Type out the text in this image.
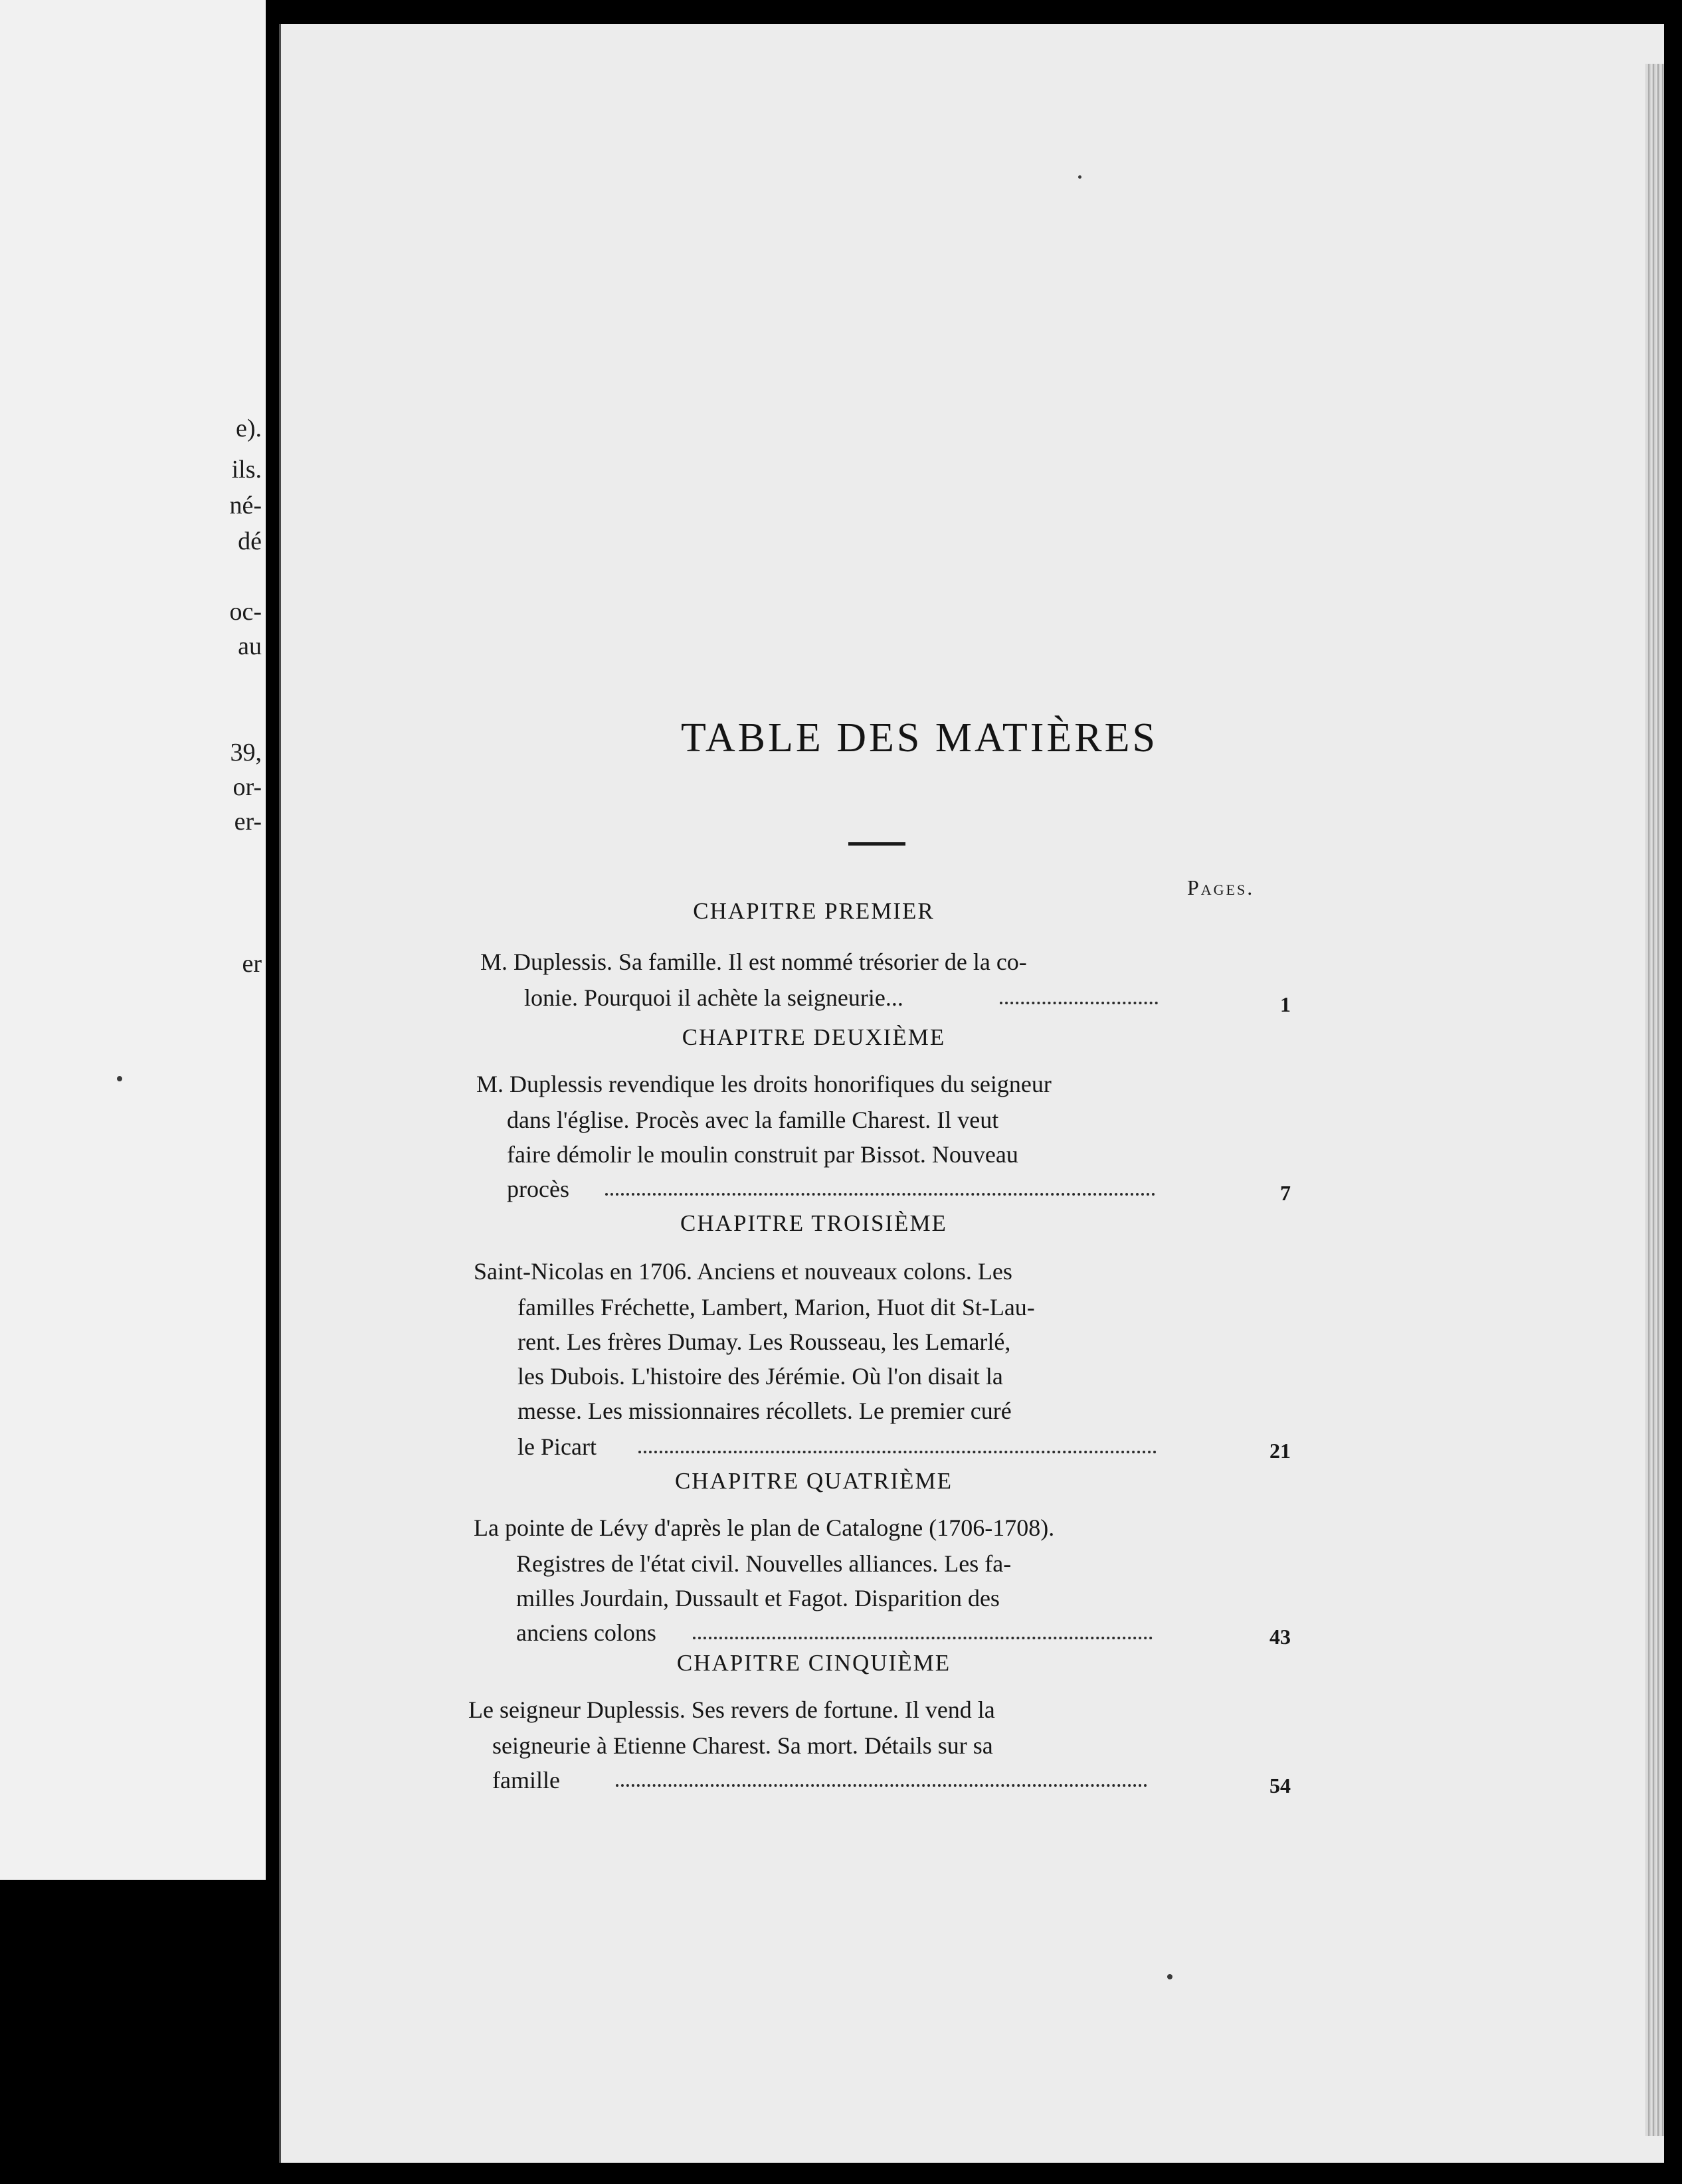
e).
ils.
né-
dé
oc-
au
39,
or-
er-
er
TABLE DES MATIÈRES
Pages.
CHAPITRE PREMIER
M. Duplessis. Sa famille. Il est nommé trésorier de la co-
lonie. Pourquoi il achète la seigneurie...	1
CHAPITRE DEUXIÈME
M. Duplessis revendique les droits honorifiques du seigneur
dans l'église. Procès avec la famille Charest. Il veut
faire démolir le moulin construit par Bissot. Nouveau
procès	7
CHAPITRE TROISIÈME
Saint-Nicolas en 1706. Anciens et nouveaux colons. Les
familles Fréchette, Lambert, Marion, Huot dit St-Lau-
rent. Les frères Dumay. Les Rousseau, les Lemarlé,
les Dubois. L'histoire des Jérémie. Où l'on disait la
messe. Les missionnaires récollets. Le premier curé
le Picart	21
CHAPITRE QUATRIÈME
La pointe de Lévy d'après le plan de Catalogne (1706-1708).
Registres de l'état civil. Nouvelles alliances. Les fa-
milles Jourdain, Dussault et Fagot. Disparition des
anciens colons	43
CHAPITRE CINQUIÈME
Le seigneur Duplessis. Ses revers de fortune. Il vend la
seigneurie à Etienne Charest. Sa mort. Détails sur sa
famille	54
